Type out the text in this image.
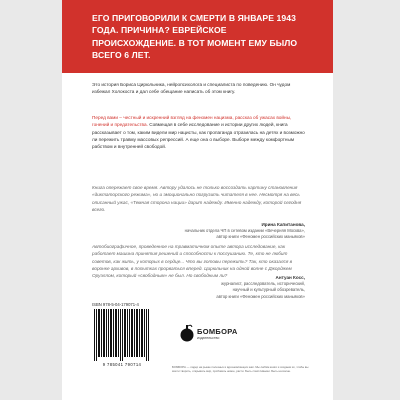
ЕГО ПРИГОВОРИЛИ К СМЕРТИ В ЯНВАРЕ 1943 ГОДА. ПРИЧИНА? ЕВРЕЙСКОЕ ПРОИСХОЖДЕНИЕ. В ТОТ МОМЕНТ ЕМУ БЫЛО ВСЕГО 6 ЛЕТ.
Это история Бориса Цирюльника, нейропсихолога и специалиста по поведению. Он чудом избежал Холокоста и дал себе обещание написать об этом книгу.
Перед вами – честный и искренний взгляд на феномен нацизма, рассказ об ужасах войны, гонений и предательства. Совмещая в себе исследование и истории других людей, книга рассказывает о том, каким видели мир нацисты, как пропаганда отразилась на детях и возможно ли пережить травму массовых репрессий. А еще она о выборе. Выборе между комфортным рабством и внутренней свободой.
Книга опережает свое время. Автору удалось не только воссоздать картину становления «диктаторского режима», но и эмоционально погрузить читателя в нее. Несмотря на весь описанный ужас, «Темная сторона нации» дарит надежду. Именно надежду, которой сегодня всего.
Ирина Капитанова,
начальник отдела ЧП в сетевом издании «Вечерняя Москва»,
автор книги «Феномен российских маньяков»
Автобиографичное, проведенное на травматичном опыте автора исследование, как работает машина принятия решений и способности к послушанию. Те, кто не любит советов, как жить, у которых в сердце... Что вы готовы пережить? Так, кто оказался в воронке архивов, в попытках прорваться вперед. Цирюльник на одной волне с Джорджем Оруэллом, который «свободным» не был. Но свободным ли?	Антуан Косс,
журналист, расследователь, исторический,
научный и культурный обозреватель,
автор книги «Феномен российских маньяков»
ISBN 978-5-04-179071-4
9 785041 790714
БОМБОРА
издательство
БОМБОРА — лидер на рынке полезных и вдохновляющих книг. Мы любим книги и создаем их, чтобы вы могли творить, открывать мир, пробовать новое, расти. Быть счастливыми. Быть на волне.
